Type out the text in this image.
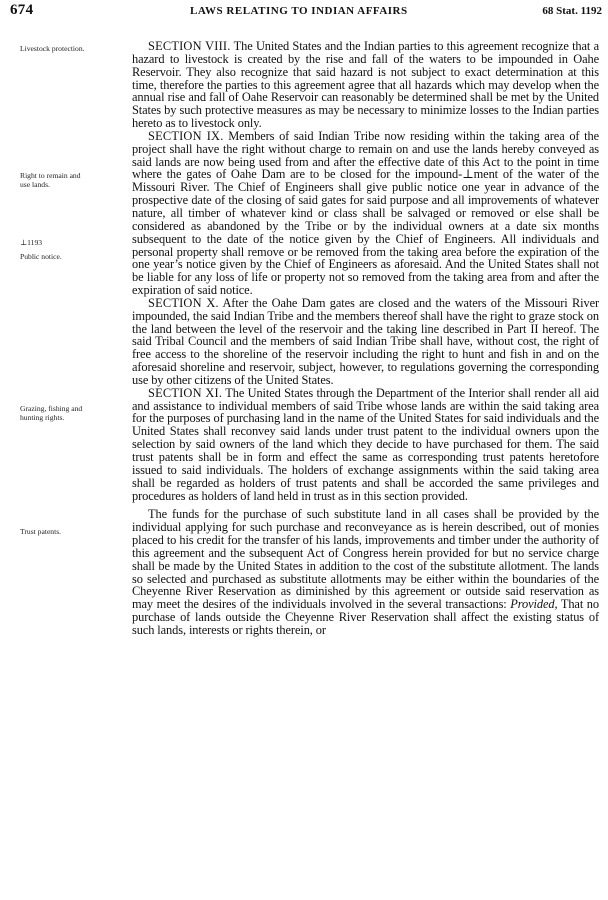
674	LAWS RELATING TO INDIAN AFFAIRS	68 Stat. 1192
Livestock protection.
Right to remain and
use lands.
⊥1193
Public notice.
Grazing, fishing and
hunting rights.
Trust patents.

SECTION VIII. The United States and the Indian parties to this agreement recognize that a hazard to livestock is created by the rise and fall of the waters to be impounded in Oahe Reservoir. They also recognize that said hazard is not subject to exact determination at this time, therefore the parties to this agreement agree that all hazards which may develop when the annual rise and fall of Oahe Reservoir can reasonably be determined shall be met by the United States by such protective measures as may be necessary to minimize losses to the Indian parties hereto as to livestock only.

SECTION IX. Members of said Indian Tribe now residing within the taking area of the project shall have the right without charge to remain on and use the lands hereby conveyed as said lands are now being used from and after the effective date of this Act to the point in time where the gates of Oahe Dam are to be closed for the impound-⊥ment of the water of the Missouri River. The Chief of Engineers shall give public notice one year in advance of the prospective date of the closing of said gates for said purpose and all improvements of whatever nature, all timber of whatever kind or class shall be salvaged or removed or else shall be considered as abandoned by the Tribe or by the individual owners at a date six months subsequent to the date of the notice given by the Chief of Engineers. All individuals and personal property shall remove or be removed from the taking area before the expiration of the one year’s notice given by the Chief of Engineers as aforesaid. And the United States shall not be liable for any loss of life or property not so removed from the taking area from and after the expiration of said notice.

SECTION X. After the Oahe Dam gates are closed and the waters of the Missouri River impounded, the said Indian Tribe and the members thereof shall have the right to graze stock on the land between the level of the reservoir and the taking line described in Part II hereof. The said Tribal Council and the members of said Indian Tribe shall have, without cost, the right of free access to the shoreline of the reservoir including the right to hunt and fish in and on the aforesaid shoreline and reservoir, subject, however, to regulations governing the corresponding use by other citizens of the United States.

SECTION XI. The United States through the Department of the Interior shall render all aid and assistance to individual members of said Tribe whose lands are within the said taking area for the purposes of purchasing land in the name of the United States for said individuals and the United States shall reconvey said lands under trust patent to the individual owners upon the selection by said owners of the land which they decide to have purchased for them. The said trust patents shall be in form and effect the same as corresponding trust patents heretofore issued to said individuals. The holders of exchange assignments within the said taking area shall be regarded as holders of trust patents and shall be accorded the same privileges and procedures as holders of land held in trust as in this section provided.

The funds for the purchase of such substitute land in all cases shall be provided by the individual applying for such purchase and reconveyance as is herein described, out of monies placed to his credit for the transfer of his lands, improvements and timber under the authority of this agreement and the subsequent Act of Congress herein provided for but no service charge shall be made by the United States in addition to the cost of the substitute allotment. The lands so selected and purchased as substitute allotments may be either within the boundaries of the Cheyenne River Reservation as diminished by this agreement or outside said reservation as may meet the desires of the individuals involved in the several transactions: Provided, That no purchase of lands outside the Cheyenne River Reservation shall affect the existing status of such lands, interests or rights therein, or
